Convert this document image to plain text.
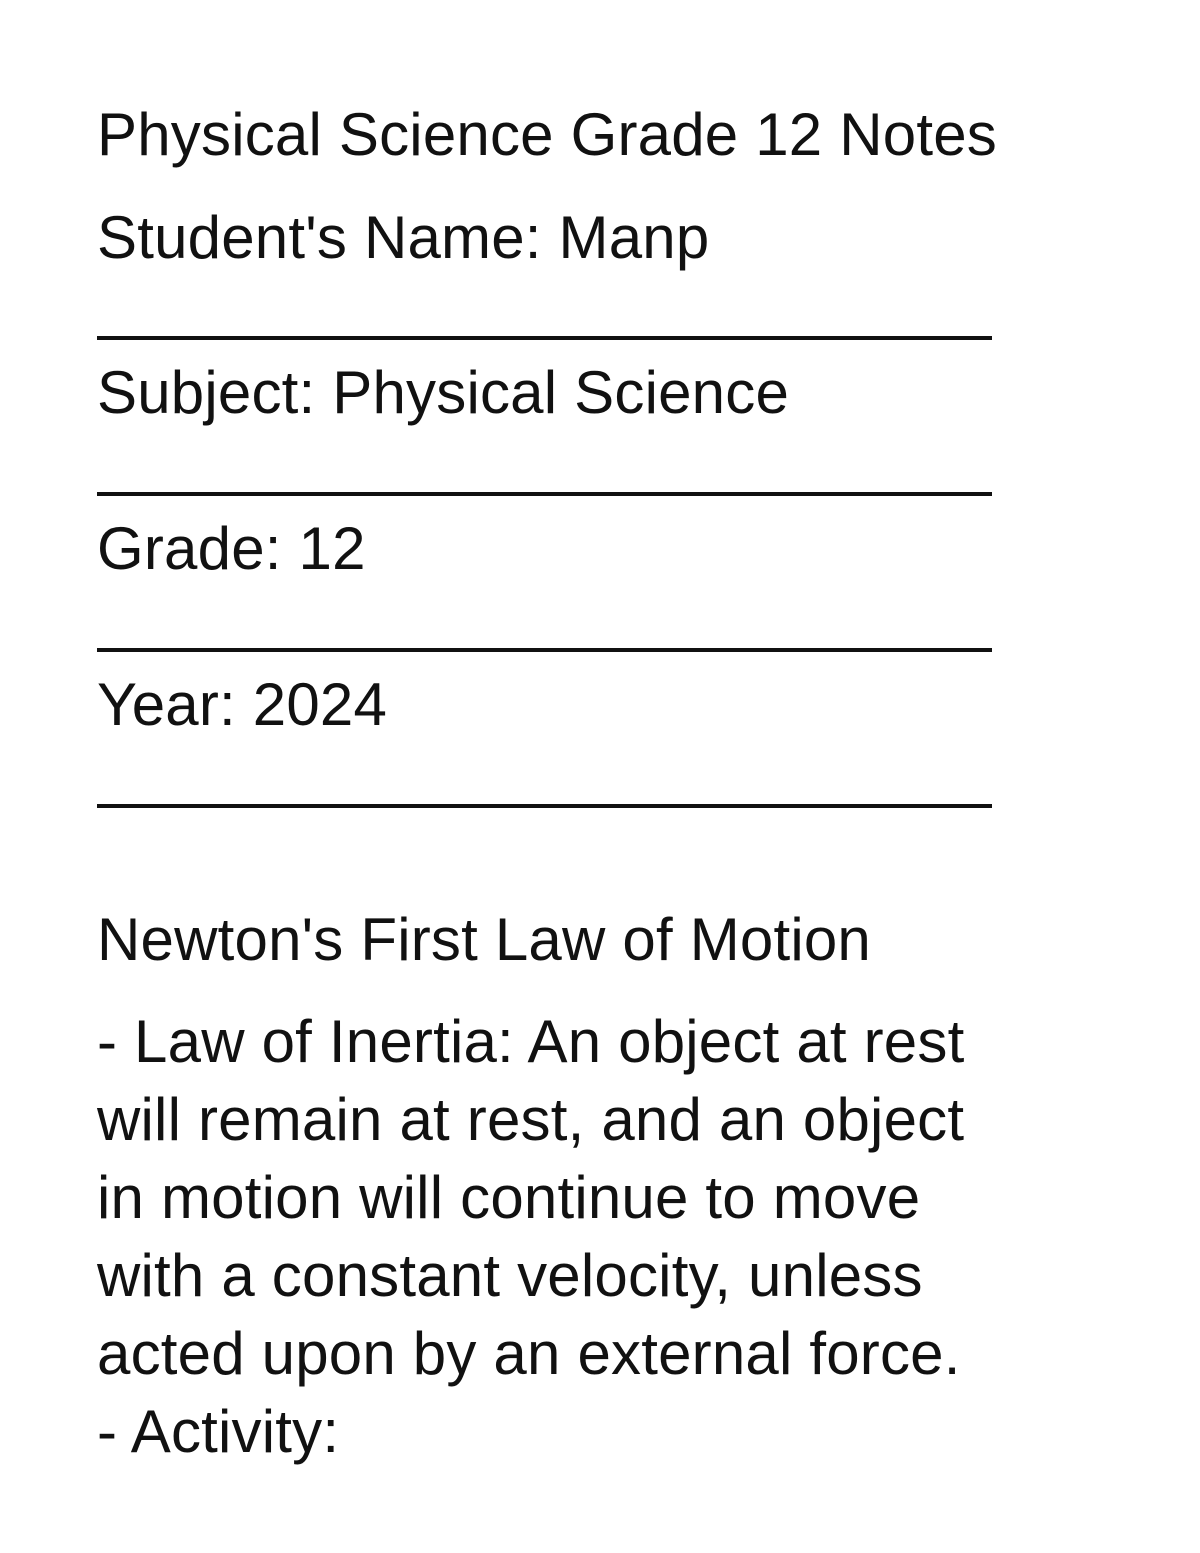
Physical Science Grade 12 Notes
Student's Name: Manp
Subject: Physical Science
Grade: 12
Year: 2024
Newton's First Law of Motion
- Law of Inertia: An object at rest
will remain at rest, and an object
in motion will continue to move
with a constant velocity, unless
acted upon by an external force.
- Activity:
